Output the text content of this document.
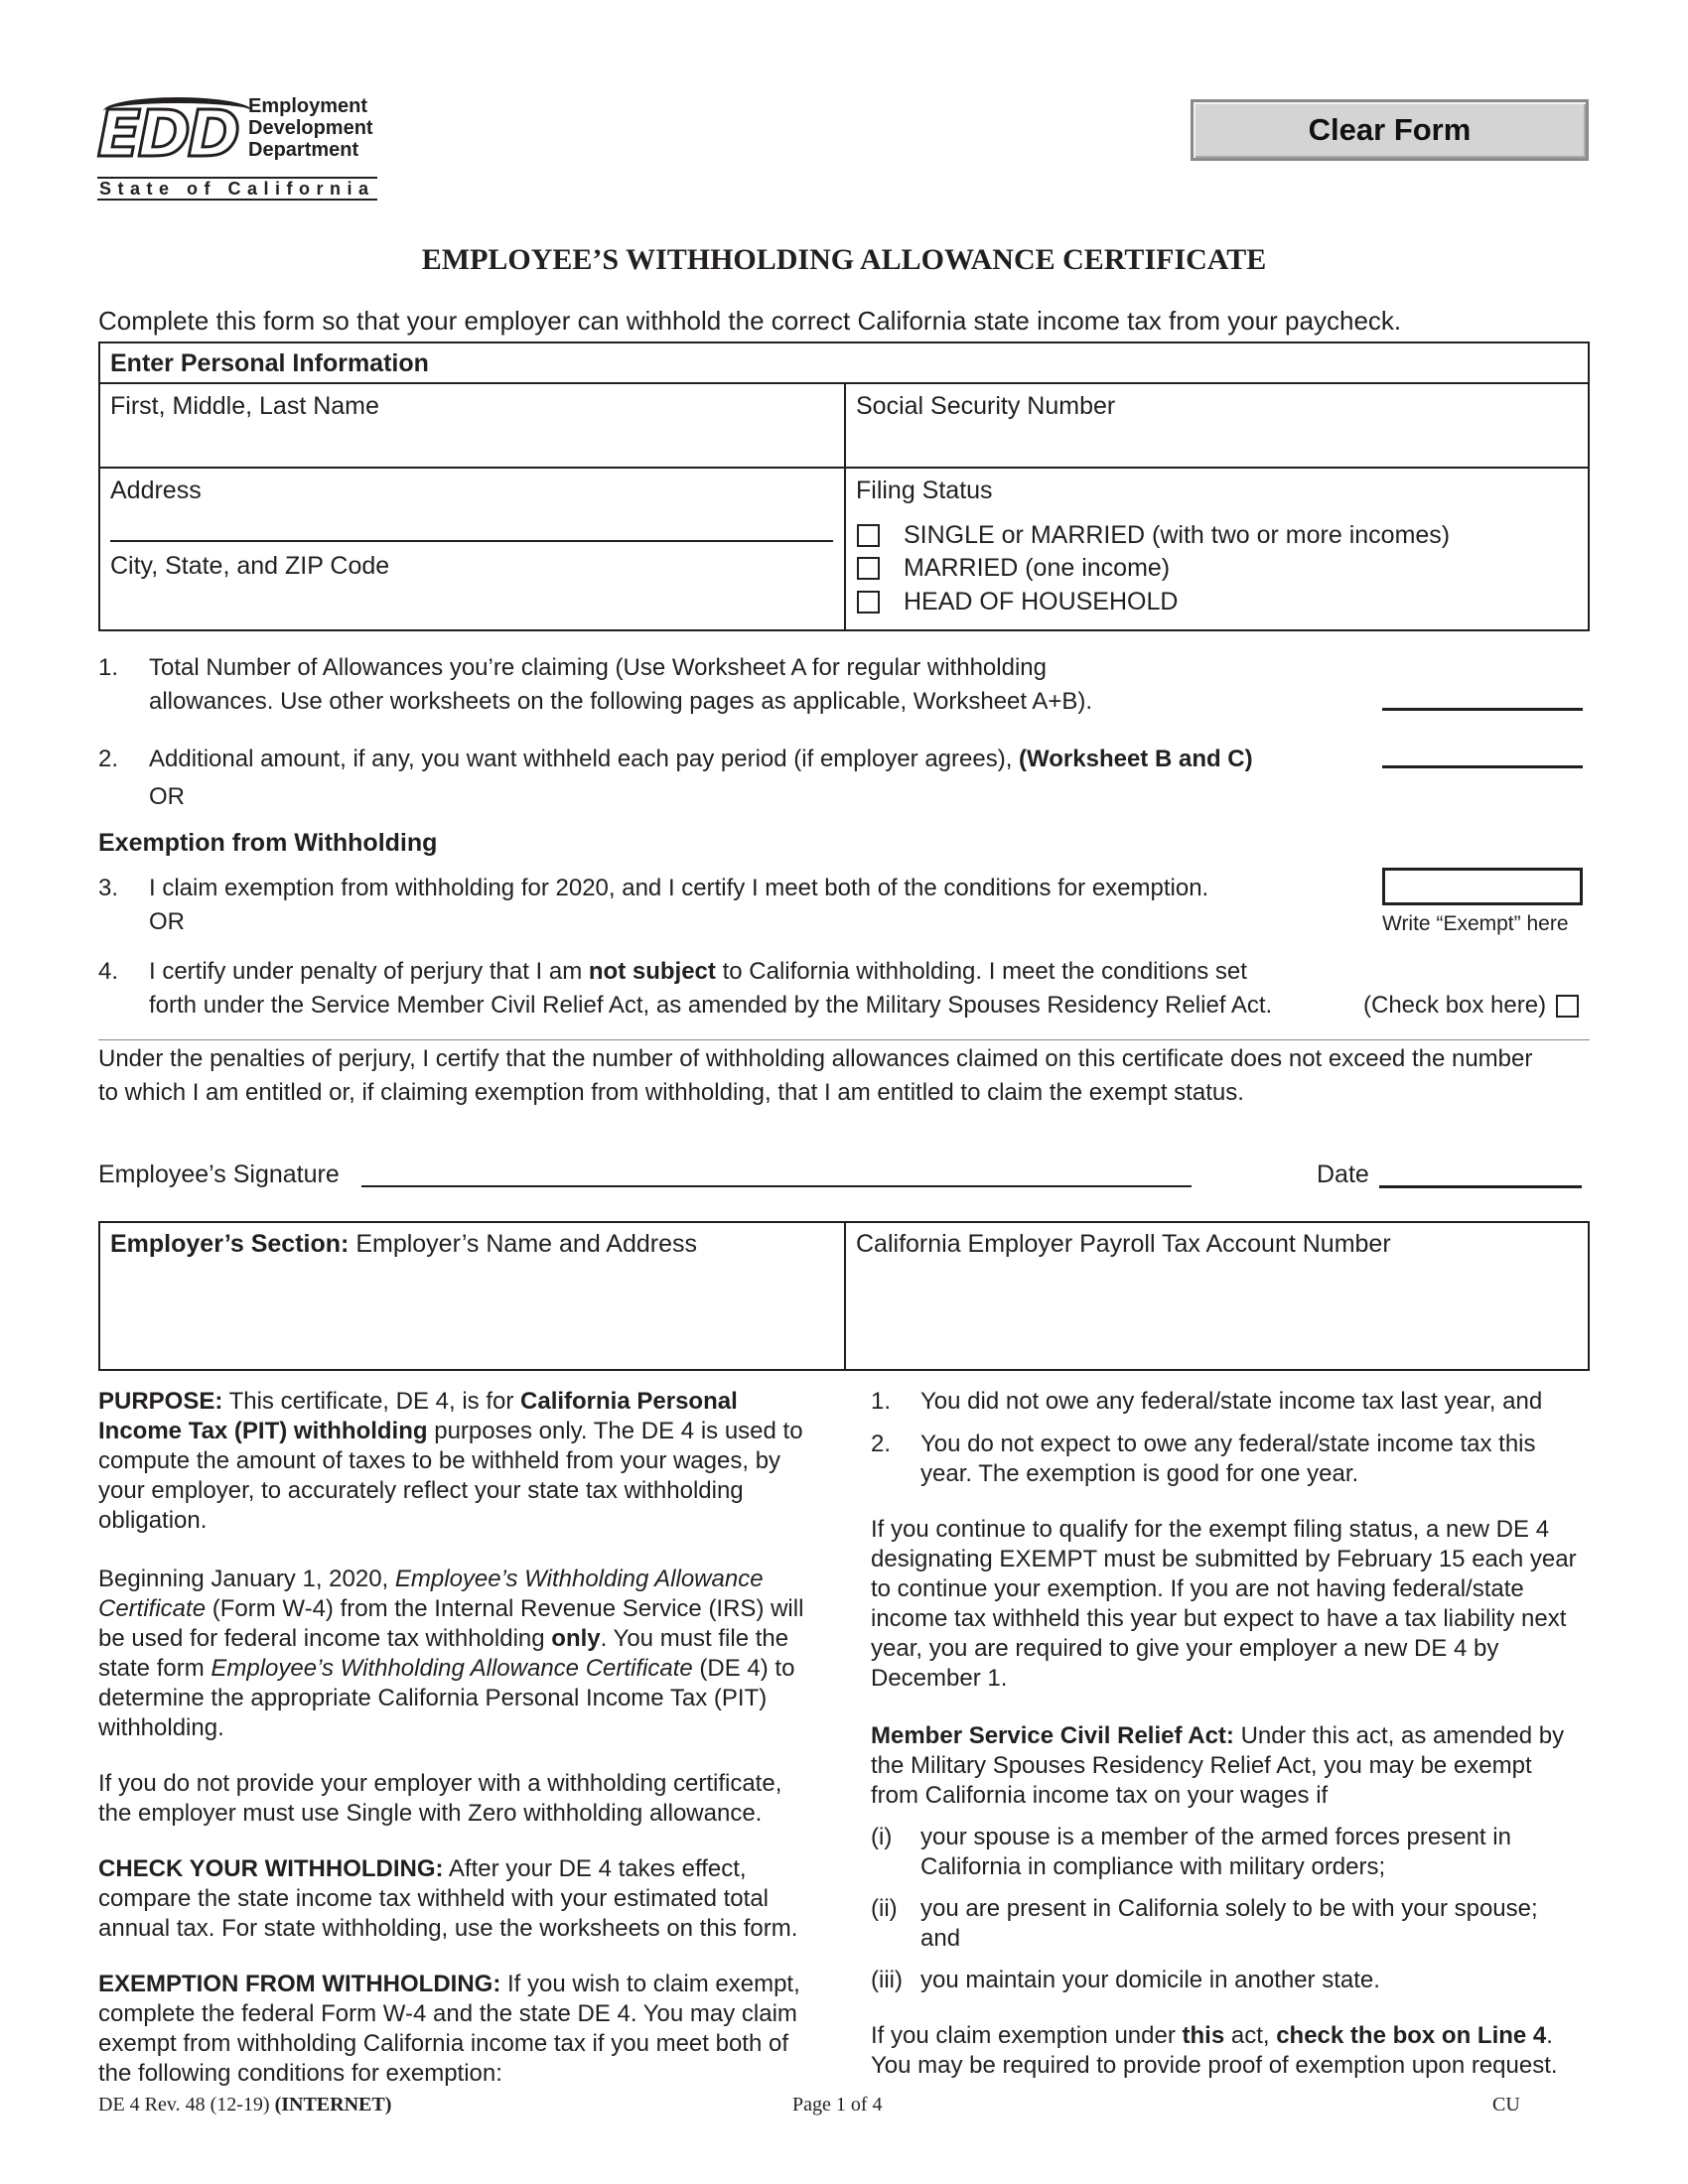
EDD Employment
Development
Department
State of California
Clear Form
EMPLOYEE’S WITHHOLDING ALLOWANCE CERTIFICATE
Complete this form so that your employer can withhold the correct California state income tax from your paycheck.
Enter Personal Information
First, Middle, Last Name	Social Security Number
Address
City, State, and ZIP Code
Filing Status
SINGLE or MARRIED (with two or more incomes)
MARRIED (one income)
HEAD OF HOUSEHOLD
1. Total Number of Allowances you’re claiming (Use Worksheet A for regular withholding
allowances. Use other worksheets on the following pages as applicable, Worksheet A+B).
2. Additional amount, if any, you want withheld each pay period (if employer agrees), (Worksheet B and C)
OR
Exemption from Withholding
3. I claim exemption from withholding for 2020, and I certify I meet both of the conditions for exemption.
OR	Write “Exempt” here
4. I certify under penalty of perjury that I am not subject to California withholding. I meet the conditions set
forth under the Service Member Civil Relief Act, as amended by the Military Spouses Residency Relief Act.	(Check box here)
Under the penalties of perjury, I certify that the number of withholding allowances claimed on this certificate does not exceed the number
to which I am entitled or, if claiming exemption from withholding, that I am entitled to claim the exempt status.
Employee’s Signature	Date
Employer’s Section: Employer’s Name and Address	California Employer Payroll Tax Account Number
PURPOSE: This certificate, DE 4, is for California Personal Income Tax (PIT) withholding purposes only. The DE 4 is used to compute the amount of taxes to be withheld from your wages, by your employer, to accurately reflect your state tax withholding obligation.
Beginning January 1, 2020, Employee’s Withholding Allowance Certificate (Form W-4) from the Internal Revenue Service (IRS) will be used for federal income tax withholding only. You must file the state form Employee’s Withholding Allowance Certificate (DE 4) to determine the appropriate California Personal Income Tax (PIT) withholding.
If you do not provide your employer with a withholding certificate, the employer must use Single with Zero withholding allowance.
CHECK YOUR WITHHOLDING: After your DE 4 takes effect, compare the state income tax withheld with your estimated total annual tax. For state withholding, use the worksheets on this form.
EXEMPTION FROM WITHHOLDING: If you wish to claim exempt, complete the federal Form W-4 and the state DE 4. You may claim exempt from withholding California income tax if you meet both of the following conditions for exemption:
1. You did not owe any federal/state income tax last year, and
2. You do not expect to owe any federal/state income tax this year. The exemption is good for one year.
If you continue to qualify for the exempt filing status, a new DE 4 designating EXEMPT must be submitted by February 15 each year to continue your exemption. If you are not having federal/state income tax withheld this year but expect to have a tax liability next year, you are required to give your employer a new DE 4 by December 1.
Member Service Civil Relief Act: Under this act, as amended by the Military Spouses Residency Relief Act, you may be exempt from California income tax on your wages if
(i) your spouse is a member of the armed forces present in California in compliance with military orders;
(ii) you are present in California solely to be with your spouse; and
(iii) you maintain your domicile in another state.
If you claim exemption under this act, check the box on Line 4. You may be required to provide proof of exemption upon request.
DE 4 Rev. 48 (12-19) (INTERNET)	Page 1 of 4	CU
